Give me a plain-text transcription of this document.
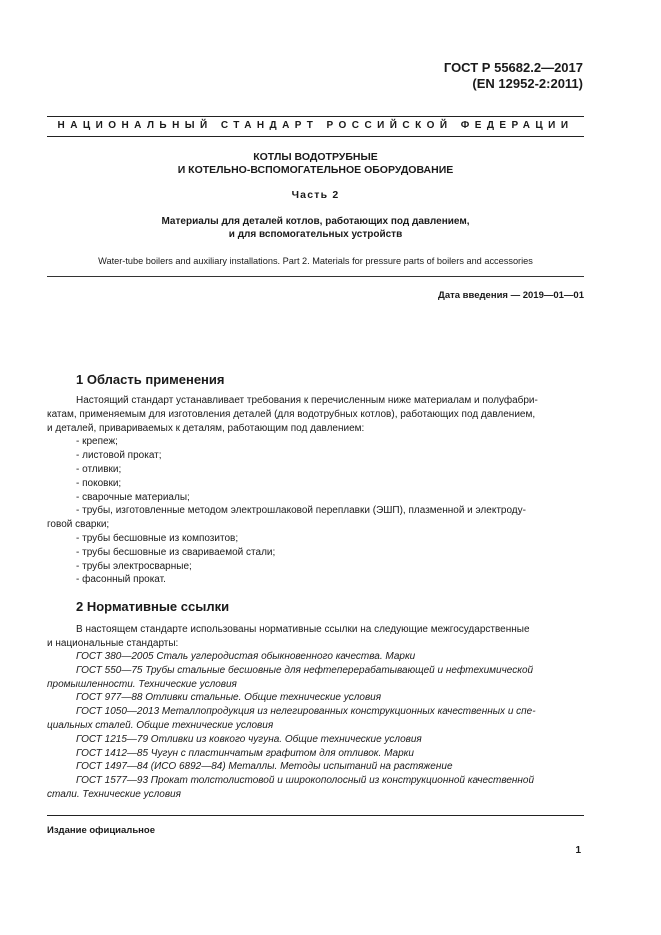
ГОСТ Р 55682.2—2017
(EN 12952-2:2011)
НАЦИОНАЛЬНЫЙ СТАНДАРТ РОССИЙСКОЙ ФЕДЕРАЦИИ
КОТЛЫ ВОДОТРУБНЫЕ
И КОТЕЛЬНО-ВСПОМОГАТЕЛЬНОЕ ОБОРУДОВАНИЕ
Часть 2
Материалы для деталей котлов, работающих под давлением,
и для вспомогательных устройств
Water-tube boilers and auxiliary installations. Part 2. Materials for pressure parts of boilers and accessories
Дата введения — 2019—01—01
1 Область применения
Настоящий стандарт устанавливает требования к перечисленным ниже материалам и полуфабри-
катам, применяемым для изготовления деталей (для водотрубных котлов), работающих под давлением,
и деталей, привариваемых к деталям, работающим под давлением:
- крепеж;
- листовой прокат;
- отливки;
- поковки;
- сварочные материалы;
- трубы, изготовленные методом электрошлаковой переплавки (ЭШП), плазменной и электроду-
говой сварки;
- трубы бесшовные из композитов;
- трубы бесшовные из свариваемой стали;
- трубы электросварные;
- фасонный прокат.
2 Нормативные ссылки
В настоящем стандарте использованы нормативные ссылки на следующие межгосударственные
и национальные стандарты:
ГОСТ 380—2005 Сталь углеродистая обыкновенного качества. Марки
ГОСТ 550—75 Трубы стальные бесшовные для нефтеперерабатывающей и нефтехимической
промышленности. Технические условия
ГОСТ 977—88 Отливки стальные. Общие технические условия
ГОСТ 1050—2013 Металлопродукция из нелегированных конструкционных качественных и спе-
циальных сталей. Общие технические условия
ГОСТ 1215—79 Отливки из ковкого чугуна. Общие технические условия
ГОСТ 1412—85 Чугун с пластинчатым графитом для отливок. Марки
ГОСТ 1497—84 (ИСО 6892—84) Металлы. Методы испытаний на растяжение
ГОСТ 1577—93 Прокат толстолистовой и широкополосный из конструкционной качественной
стали. Технические условия
Издание официальное
1
